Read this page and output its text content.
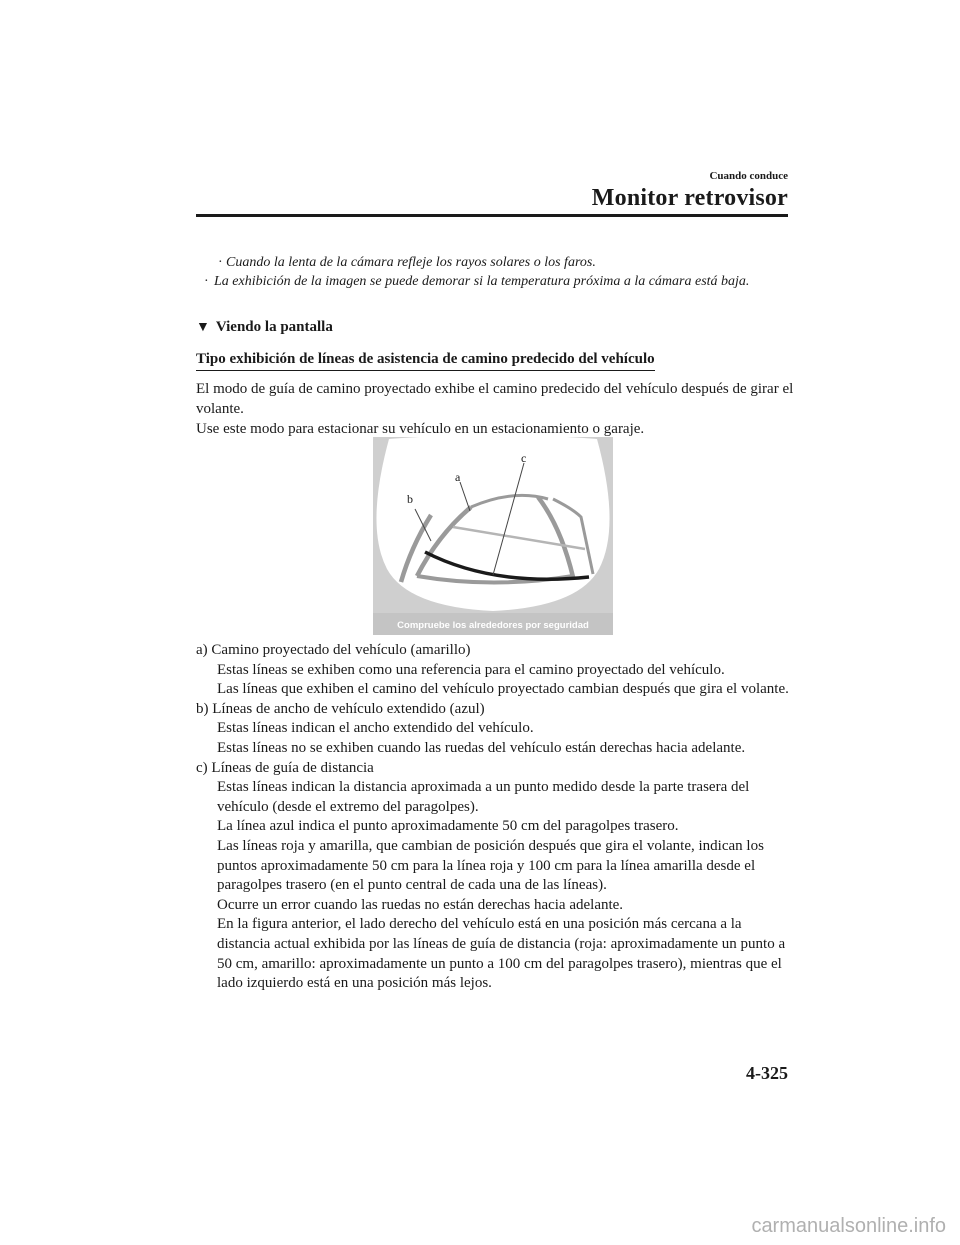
Cuando conduce
Monitor retrovisor
· Cuando la lenta de la cámara refleje los rayos solares o los faros.
· La exhibición de la imagen se puede demorar si la temperatura próxima a la cámara está baja.
▼ Viendo la pantalla
Tipo exhibición de líneas de asistencia de camino predecido del vehículo

El modo de guía de camino proyectado exhibe el camino predecido del vehículo después de girar el volante.

Use este modo para estacionar su vehículo en un estacionamiento o garaje.

b
a
c
Compruebe los alrededores por seguridad

a) Camino proyectado del vehículo (amarillo)

Estas líneas se exhiben como una referencia para el camino proyectado del vehículo.

Las líneas que exhiben el camino del vehículo proyectado cambian después que gira el volante.

b) Líneas de ancho de vehículo extendido (azul)

Estas líneas indican el ancho extendido del vehículo.

Estas líneas no se exhiben cuando las ruedas del vehículo están derechas hacia adelante.

c) Líneas de guía de distancia

Estas líneas indican la distancia aproximada a un punto medido desde la parte trasera del vehículo (desde el extremo del paragolpes).

La línea azul indica el punto aproximadamente 50 cm del paragolpes trasero.

Las líneas roja y amarilla, que cambian de posición después que gira el volante, indican los puntos aproximadamente 50 cm para la línea roja y 100 cm para la línea amarilla desde el paragolpes trasero (en el punto central de cada una de las líneas).

Ocurre un error cuando las ruedas no están derechas hacia adelante.

En la figura anterior, el lado derecho del vehículo está en una posición más cercana a la distancia actual exhibida por las líneas de guía de distancia (roja: aproximadamente un punto a 50 cm, amarillo: aproximadamente un punto a 100 cm del paragolpes trasero), mientras que el lado izquierdo está en una posición más lejos.

4-325
carmanualsonline.info
